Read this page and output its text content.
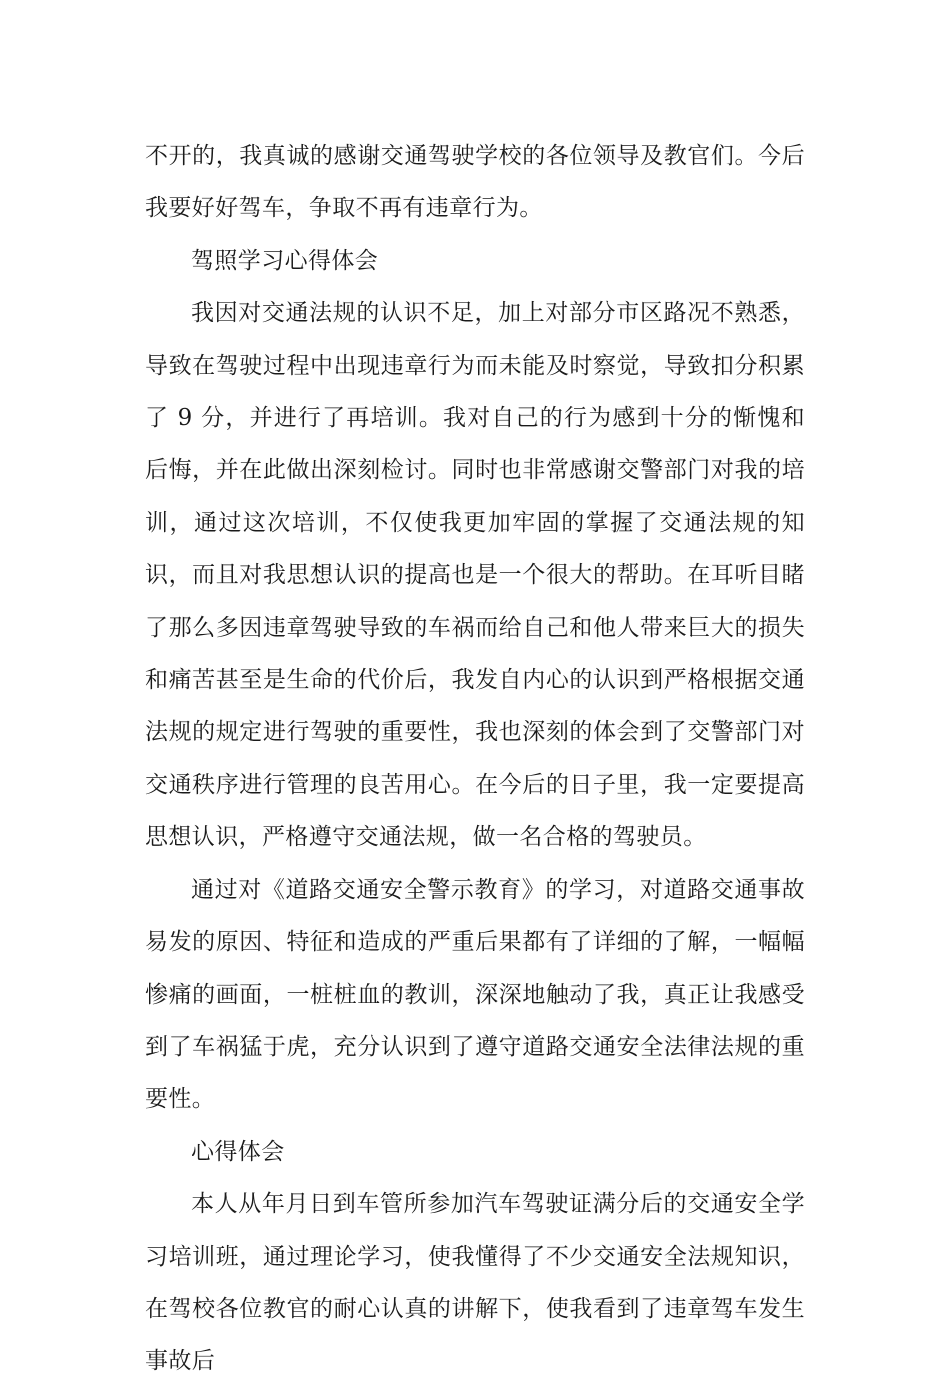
不开的，我真诚的感谢交通驾驶学校的各位领导及教官们。今后我要好好驾车，争取不再有违章行为。

驾照学习心得体会

我因对交通法规的认识不足，加上对部分市区路况不熟悉，导致在驾驶过程中出现违章行为而未能及时察觉，导致扣分积累了 9 分，并进行了再培训。我对自己的行为感到十分的惭愧和后悔，并在此做出深刻检讨。同时也非常感谢交警部门对我的培训，通过这次培训，不仅使我更加牢固的掌握了交通法规的知识，而且对我思想认识的提高也是一个很大的帮助。在耳听目睹了那么多因违章驾驶导致的车祸而给自己和他人带来巨大的损失和痛苦甚至是生命的代价后，我发自内心的认识到严格根据交通法规的规定进行驾驶的重要性，我也深刻的体会到了交警部门对交通秩序进行管理的良苦用心。在今后的日子里，我一定要提高思想认识，严格遵守交通法规，做一名合格的驾驶员。

通过对《道路交通安全警示教育》的学习，对道路交通事故易发的原因、特征和造成的严重后果都有了详细的了解，一幅幅惨痛的画面，一桩桩血的教训，深深地触动了我，真正让我感受到了车祸猛于虎，充分认识到了遵守道路交通安全法律法规的重要性。

心得体会

本人从年月日到车管所参加汽车驾驶证满分后的交通安全学习培训班，通过理论学习，使我懂得了不少交通安全法规知识，在驾校各位教官的耐心认真的讲解下，使我看到了违章驾车发生事故后
